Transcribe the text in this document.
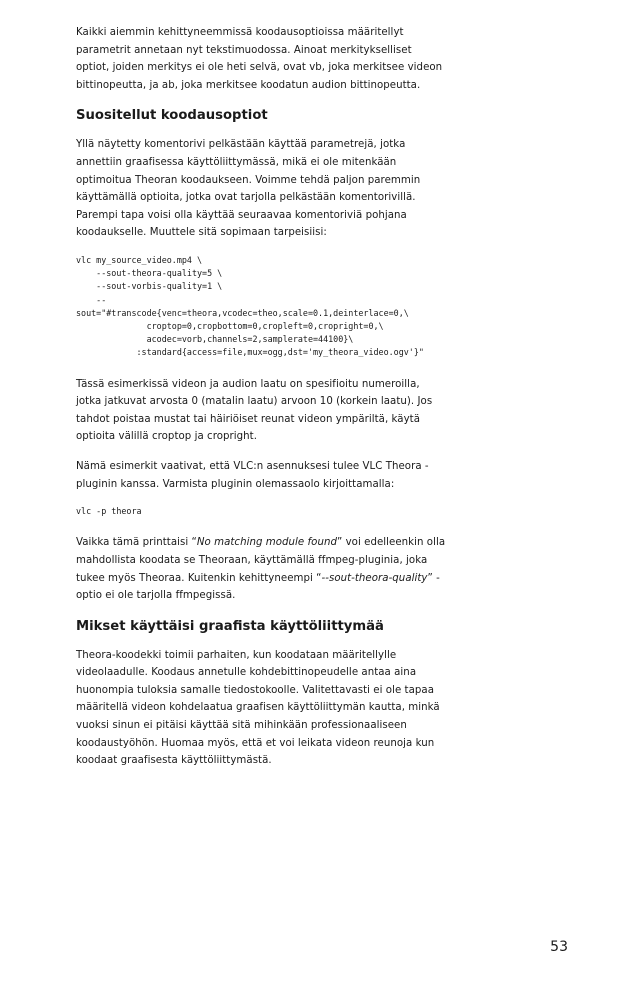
Kaikki aiemmin kehittyneemmissä koodausoptioissa määritellyt
parametrit annetaan nyt tekstimuodossa. Ainoat merkitykselliset
optiot, joiden merkitys ei ole heti selvä, ovat vb, joka merkitsee videon
bittinopeutta, ja ab, joka merkitsee koodatun audion bittinopeutta.

Suositellut koodausoptiot

Yllä näytetty komentorivi pelkästään käyttää parametrejä, jotka
annettiin graafisessa käyttöliittymässä, mikä ei ole mitenkään
optimoitua Theoran koodaukseen. Voimme tehdä paljon paremmin
käyttämällä optioita, jotka ovat tarjolla pelkästään komentorivillä.
Parempi tapa voisi olla käyttää seuraavaa komentoriviä pohjana
koodaukselle. Muuttele sitä sopimaan tarpeisiisi:

vlc my_source_video.mp4 \
--sout-theora-quality=5 \
--sout-vorbis-quality=1 \
--
sout="#transcode{venc=theora,vcodec=theo,scale=0.1,deinterlace=0,\
croptop=0,cropbottom=0,cropleft=0,cropright=0,\
acodec=vorb,channels=2,samplerate=44100}\
:standard{access=file,mux=ogg,dst='my_theora_video.ogv'}"

Tässä esimerkissä videon ja audion laatu on spesifioitu numeroilla,
jotka jatkuvat arvosta 0 (matalin laatu) arvoon 10 (korkein laatu). Jos
tahdot poistaa mustat tai häiriöiset reunat videon ympäriltä, käytä
optioita välillä croptop ja cropright.

Nämä esimerkit vaativat, että VLC:n asennuksesi tulee VLC Theora -
pluginin kanssa. Varmista pluginin olemassaolo kirjoittamalla:

vlc -p theora

Vaikka tämä printtaisi “No matching module found” voi edelleenkin olla
mahdollista koodata se Theoraan, käyttämällä ffmpeg-pluginia, joka
tukee myös Theoraa. Kuitenkin kehittyneempi “--sout-theora-quality” -
optio ei ole tarjolla ffmpegissä.

Mikset käyttäisi graafista käyttöliittymää

Theora-koodekki toimii parhaiten, kun koodataan määritellylle
videolaadulle. Koodaus annetulle kohdebittinopeudelle antaa aina
huonompia tuloksia samalle tiedostokoolle. Valitettavasti ei ole tapaa
määritellä videon kohdelaatua graafisen käyttöliittymän kautta, minkä
vuoksi sinun ei pitäisi käyttää sitä mihinkään professionaaliseen
koodaustyöhön. Huomaa myös, että et voi leikata videon reunoja kun
koodaat graafisesta käyttöliittymästä.

53
